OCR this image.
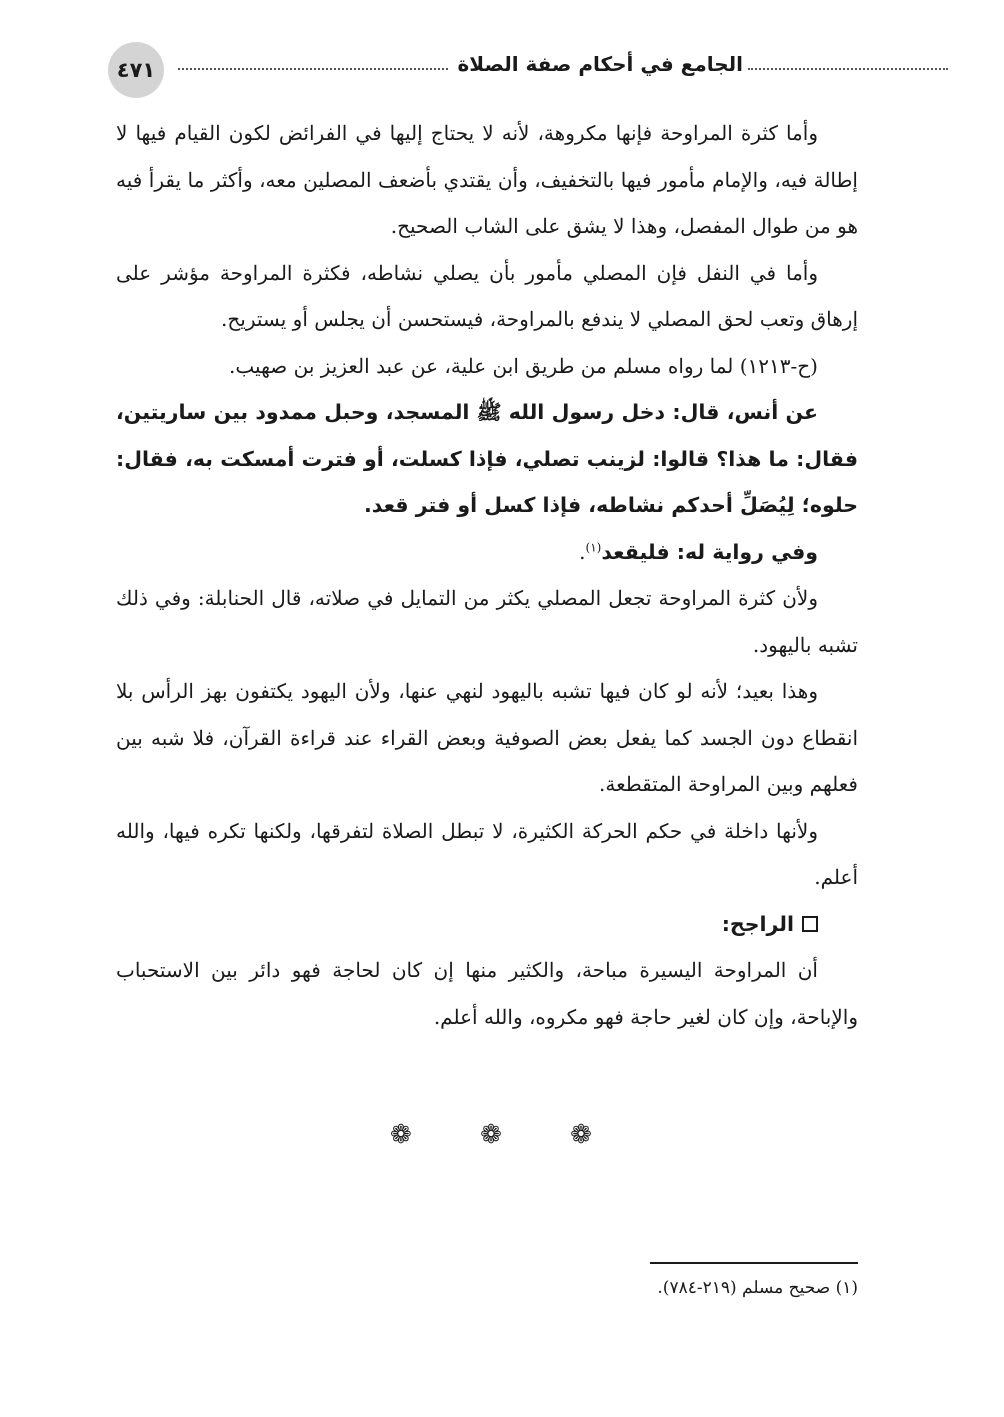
٤٧١	الجامع في أحكام صفة الصلاة

وأما كثرة المراوحة فإنها مكروهة، لأنه لا يحتاج إليها في الفرائض لكون القيام فيها لا إطالة فيه، والإمام مأمور فيها بالتخفيف، وأن يقتدي بأضعف المصلين معه، وأكثر ما يقرأ فيه هو من طوال المفصل، وهذا لا يشق على الشاب الصحيح.

وأما في النفل فإن المصلي مأمور بأن يصلي نشاطه، فكثرة المراوحة مؤشر على إرهاق وتعب لحق المصلي لا يندفع بالمراوحة، فيستحسن أن يجلس أو يستريح.

(ح-١٢١٣) لما رواه مسلم من طريق ابن علية، عن عبد العزيز بن صهيب.

عن أنس، قال: دخل رسول الله ﷺ المسجد، وحبل ممدود بين ساريتين، فقال: ما هذا؟ قالوا: لزينب تصلي، فإذا كسلت، أو فترت أمسكت به، فقال: حلوه؛ لِيُصَلِّ أحدكم نشاطه، فإذا كسل أو فتر قعد.

وفي رواية له: فليقعد$^{(١)}$.

ولأن كثرة المراوحة تجعل المصلي يكثر من التمايل في صلاته، قال الحنابلة: وفي ذلك تشبه باليهود.

وهذا بعيد؛ لأنه لو كان فيها تشبه باليهود لنهي عنها، ولأن اليهود يكتفون بهز الرأس بلا انقطاع دون الجسد كما يفعل بعض الصوفية وبعض القراء عند قراءة القرآن، فلا شبه بين فعلهم وبين المراوحة المتقطعة.

ولأنها داخلة في حكم الحركة الكثيرة، لا تبطل الصلاة لتفرقها، ولكنها تكره فيها، والله أعلم.

الراجح:

أن المراوحة اليسيرة مباحة، والكثير منها إن كان لحاجة فهو دائر بين الاستحباب والإباحة، وإن كان لغير حاجة فهو مكروه، والله أعلم.

❁ ❁ ❁
(١) صحيح مسلم (٢١٩-٧٨٤).
